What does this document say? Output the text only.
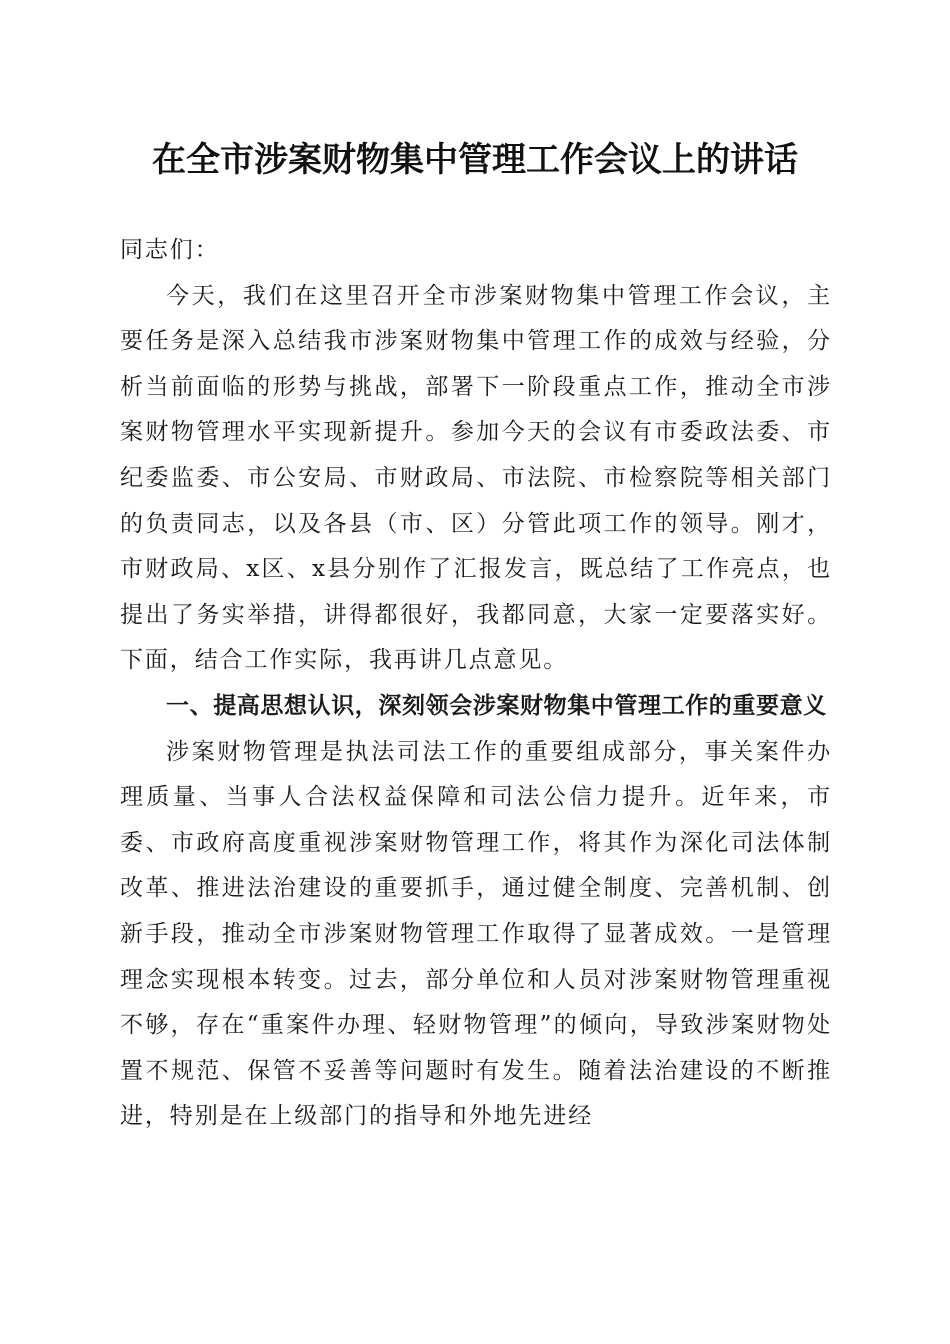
在全市涉案财物集中管理工作会议上的讲话

同志们：

今天，我们在这里召开全市涉案财物集中管理工作会议，主要任务是深入总结我市涉案财物集中管理工作的成效与经验，分析当前面临的形势与挑战，部署下一阶段重点工作，推动全市涉案财物管理水平实现新提升。参加今天的会议有市委政法委、市纪委监委、市公安局、市财政局、市法院、市检察院等相关部门的负责同志，以及各县（市、区）分管此项工作的领导。刚才，市财政局、x区、x县分别作了汇报发言，既总结了工作亮点，也提出了务实举措，讲得都很好，我都同意，大家一定要落实好。下面，结合工作实际，我再讲几点意见。

一、提高思想认识，深刻领会涉案财物集中管理工作的重要意义

涉案财物管理是执法司法工作的重要组成部分，事关案件办理质量、当事人合法权益保障和司法公信力提升。近年来，市委、市政府高度重视涉案财物管理工作，将其作为深化司法体制改革、推进法治建设的重要抓手，通过健全制度、完善机制、创新手段，推动全市涉案财物管理工作取得了显著成效。一是管理理念实现根本转变。过去，部分单位和人员对涉案财物管理重视不够，存在“重案件办理、轻财物管理”的倾向，导致涉案财物处置不规范、保管不妥善等问题时有发生。随着法治建设的不断推进，特别是在上级部门的指导和外地先进经
